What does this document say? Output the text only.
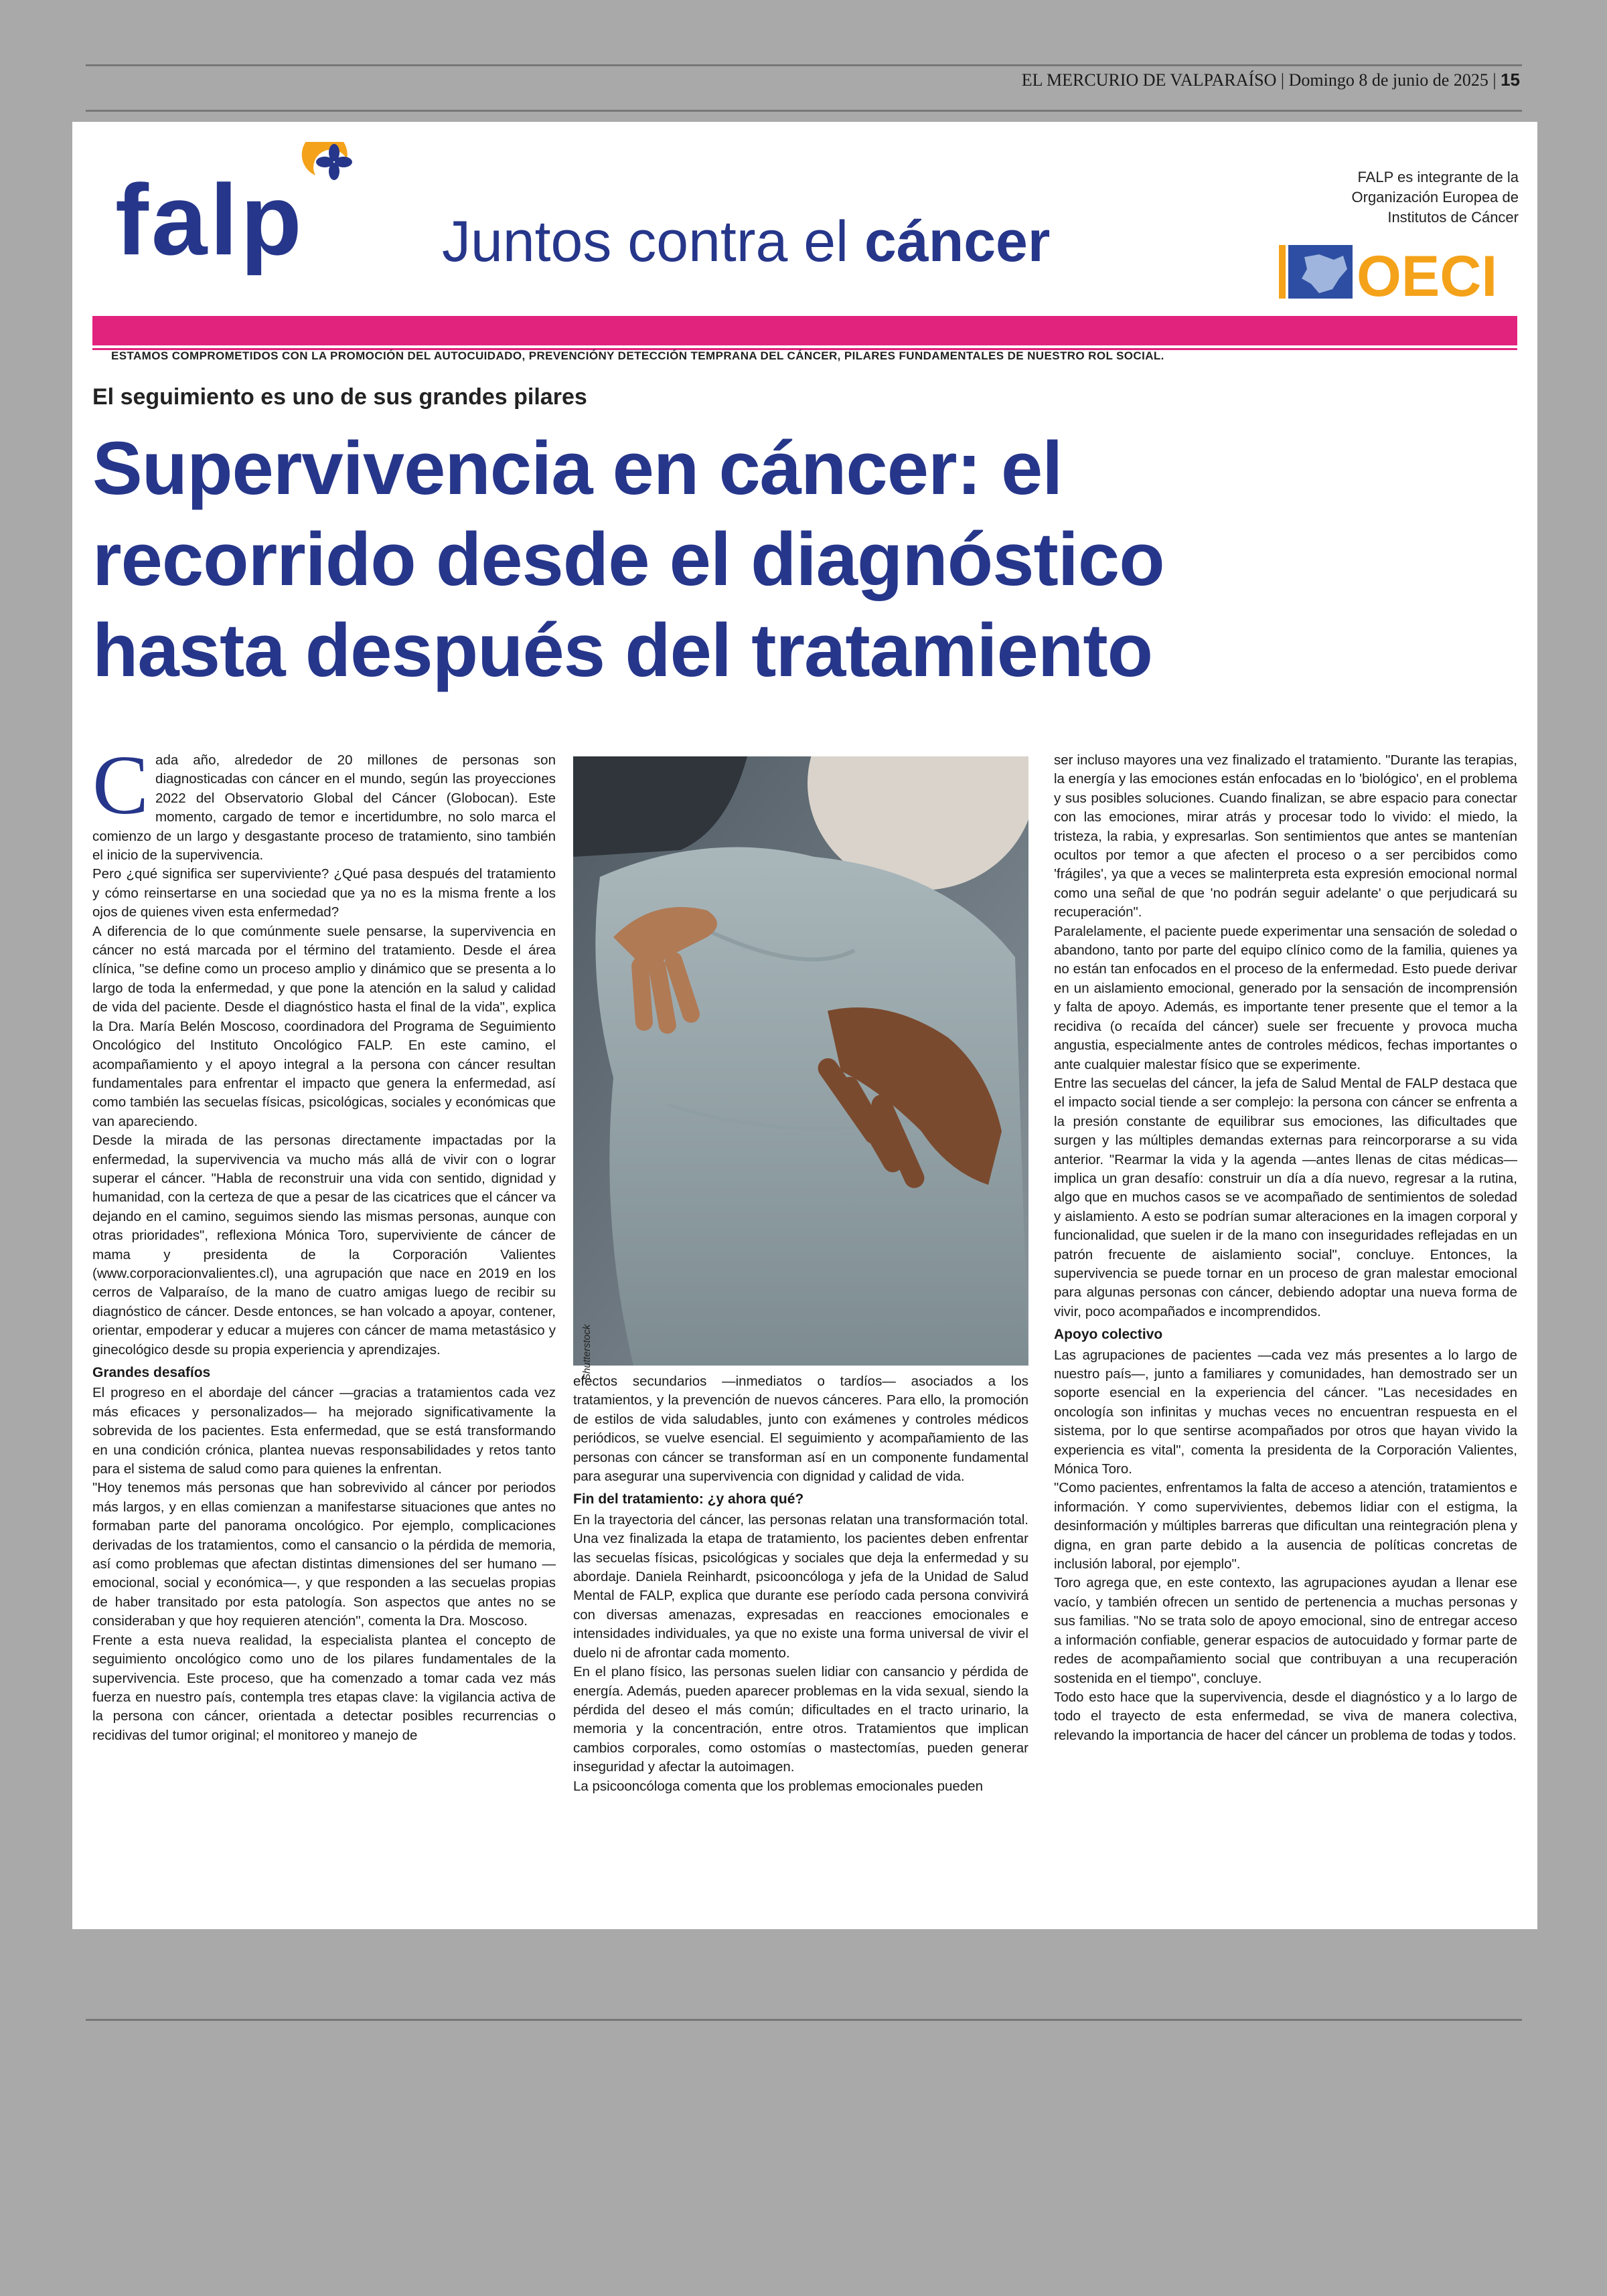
EL MERCURIO DE VALPARAÍSO | Domingo 8 de junio de 2025 | 15
falp Juntos contra el cáncer
FALP es integrante de la
Organización Europea de
Institutos de Cáncer
OECI
ESTAMOS COMPROMETIDOS CON LA PROMOCIÓN DEL AUTOCUIDADO, PREVENCIÓNY DETECCIÓN TEMPRANA DEL CÁNCER, PILARES FUNDAMENTALES DE NUESTRO ROL SOCIAL.
El seguimiento es uno de sus grandes pilares
Supervivencia en cáncer: el
recorrido desde el diagnóstico
hasta después del tratamiento

Cada año, alrededor de 20 millones de personas son diagnosticadas con cáncer en el mundo, según las proyecciones 2022 del Observatorio Global del Cáncer (Globocan). Este momento, cargado de temor e incertidumbre, no solo marca el comienzo de un largo y desgastante proceso de tratamiento, sino también el inicio de la supervivencia.

Pero ¿qué significa ser superviviente? ¿Qué pasa después del tratamiento y cómo reinsertarse en una sociedad que ya no es la misma frente a los ojos de quienes viven esta enfermedad?

A diferencia de lo que comúnmente suele pensarse, la supervivencia en cáncer no está marcada por el término del tratamiento. Desde el área clínica, "se define como un proceso amplio y dinámico que se presenta a lo largo de toda la enfermedad, y que pone la atención en la salud y calidad de vida del paciente. Desde el diagnóstico hasta el final de la vida", explica la Dra. María Belén Moscoso, coordinadora del Programa de Seguimiento Oncológico del Instituto Oncológico FALP. En este camino, el acompañamiento y el apoyo integral a la persona con cáncer resultan fundamentales para enfrentar el impacto que genera la enfermedad, así como también las secuelas físicas, psicológicas, sociales y económicas que van apareciendo.

Desde la mirada de las personas directamente impactadas por la enfermedad, la supervivencia va mucho más allá de vivir con o lograr superar el cáncer. "Habla de reconstruir una vida con sentido, dignidad y humanidad, con la certeza de que a pesar de las cicatrices que el cáncer va dejando en el camino, seguimos siendo las mismas personas, aunque con otras prioridades", reflexiona Mónica Toro, superviviente de cáncer de mama y presidenta de la Corporación Valientes (www.corporacionvalientes.cl), una agrupación que nace en 2019 en los cerros de Valparaíso, de la mano de cuatro amigas luego de recibir su diagnóstico de cáncer. Desde entonces, se han volcado a apoyar, contener, orientar, empoderar y educar a mujeres con cáncer de mama metastásico y ginecológico desde su propia experiencia y aprendizajes.

Grandes desafíos

El progreso en el abordaje del cáncer —gracias a tratamientos cada vez más eficaces y personalizados— ha mejorado significativamente la sobrevida de los pacientes. Esta enfermedad, que se está transformando en una condición crónica, plantea nuevas responsabilidades y retos tanto para el sistema de salud como para quienes la enfrentan.

"Hoy tenemos más personas que han sobrevivido al cáncer por periodos más largos, y en ellas comienzan a manifestarse situaciones que antes no formaban parte del panorama oncológico. Por ejemplo, complicaciones derivadas de los tratamientos, como el cansancio o la pérdida de memoria, así como problemas que afectan distintas dimensiones del ser humano —emocional, social y económica—, y que responden a las secuelas propias de haber transitado por esta patología. Son aspectos que antes no se consideraban y que hoy requieren atención", comenta la Dra. Moscoso.

Frente a esta nueva realidad, la especialista plantea el concepto de seguimiento oncológico como uno de los pilares fundamentales de la supervivencia. Este proceso, que ha comenzado a tomar cada vez más fuerza en nuestro país, contempla tres etapas clave: la vigilancia activa de la persona con cáncer, orientada a detectar posibles recurrencias o recidivas del tumor original; el monitoreo y manejo de

Shutterstock

efectos secundarios —inmediatos o tardíos— asociados a los tratamientos, y la prevención de nuevos cánceres. Para ello, la promoción de estilos de vida saludables, junto con exámenes y controles médicos periódicos, se vuelve esencial. El seguimiento y acompañamiento de las personas con cáncer se transforman así en un componente fundamental para asegurar una supervivencia con dignidad y calidad de vida.

Fin del tratamiento: ¿y ahora qué?

En la trayectoria del cáncer, las personas relatan una transformación total. Una vez finalizada la etapa de tratamiento, los pacientes deben enfrentar las secuelas físicas, psicológicas y sociales que deja la enfermedad y su abordaje. Daniela Reinhardt, psicooncóloga y jefa de la Unidad de Salud Mental de FALP, explica que durante ese período cada persona convivirá con diversas amenazas, expresadas en reacciones emocionales e intensidades individuales, ya que no existe una forma universal de vivir el duelo ni de afrontar cada momento.

En el plano físico, las personas suelen lidiar con cansancio y pérdida de energía. Además, pueden aparecer problemas en la vida sexual, siendo la pérdida del deseo el más común; dificultades en el tracto urinario, la memoria y la concentración, entre otros. Tratamientos que implican cambios corporales, como ostomías o mastectomías, pueden generar inseguridad y afectar la autoimagen.

La psicooncóloga comenta que los problemas emocionales pueden

ser incluso mayores una vez finalizado el tratamiento. "Durante las terapias, la energía y las emociones están enfocadas en lo 'biológico', en el problema y sus posibles soluciones. Cuando finalizan, se abre espacio para conectar con las emociones, mirar atrás y procesar todo lo vivido: el miedo, la tristeza, la rabia, y expresarlas. Son sentimientos que antes se mantenían ocultos por temor a que afecten el proceso o a ser percibidos como 'frágiles', ya que a veces se malinterpreta esta expresión emocional normal como una señal de que 'no podrán seguir adelante' o que perjudicará su recuperación".

Paralelamente, el paciente puede experimentar una sensación de soledad o abandono, tanto por parte del equipo clínico como de la familia, quienes ya no están tan enfocados en el proceso de la enfermedad. Esto puede derivar en un aislamiento emocional, generado por la sensación de incomprensión y falta de apoyo. Además, es importante tener presente que el temor a la recidiva (o recaída del cáncer) suele ser frecuente y provoca mucha angustia, especialmente antes de controles médicos, fechas importantes o ante cualquier malestar físico que se experimente.

Entre las secuelas del cáncer, la jefa de Salud Mental de FALP destaca que el impacto social tiende a ser complejo: la persona con cáncer se enfrenta a la presión constante de equilibrar sus emociones, las dificultades que surgen y las múltiples demandas externas para reincorporarse a su vida anterior. "Rearmar la vida y la agenda —antes llenas de citas médicas— implica un gran desafío: construir un día a día nuevo, regresar a la rutina, algo que en muchos casos se ve acompañado de sentimientos de soledad y aislamiento. A esto se podrían sumar alteraciones en la imagen corporal y funcionalidad, que suelen ir de la mano con inseguridades reflejadas en un patrón frecuente de aislamiento social", concluye. Entonces, la supervivencia se puede tornar en un proceso de gran malestar emocional para algunas personas con cáncer, debiendo adoptar una nueva forma de vivir, poco acompañados e incomprendidos.

Apoyo colectivo

Las agrupaciones de pacientes —cada vez más presentes a lo largo de nuestro país—, junto a familiares y comunidades, han demostrado ser un soporte esencial en la experiencia del cáncer. "Las necesidades en oncología son infinitas y muchas veces no encuentran respuesta en el sistema, por lo que sentirse acompañados por otros que hayan vivido la experiencia es vital", comenta la presidenta de la Corporación Valientes, Mónica Toro.

"Como pacientes, enfrentamos la falta de acceso a atención, tratamientos e información. Y como supervivientes, debemos lidiar con el estigma, la desinformación y múltiples barreras que dificultan una reintegración plena y digna, en gran parte debido a la ausencia de políticas concretas de inclusión laboral, por ejemplo".

Toro agrega que, en este contexto, las agrupaciones ayudan a llenar ese vacío, y también ofrecen un sentido de pertenencia a muchas personas y sus familias. "No se trata solo de apoyo emocional, sino de entregar acceso a información confiable, generar espacios de autocuidado y formar parte de redes de acompañamiento social que contribuyan a una recuperación sostenida en el tiempo", concluye.

Todo esto hace que la supervivencia, desde el diagnóstico y a lo largo de todo el trayecto de esta enfermedad, se viva de manera colectiva, relevando la importancia de hacer del cáncer un problema de todas y todos.
